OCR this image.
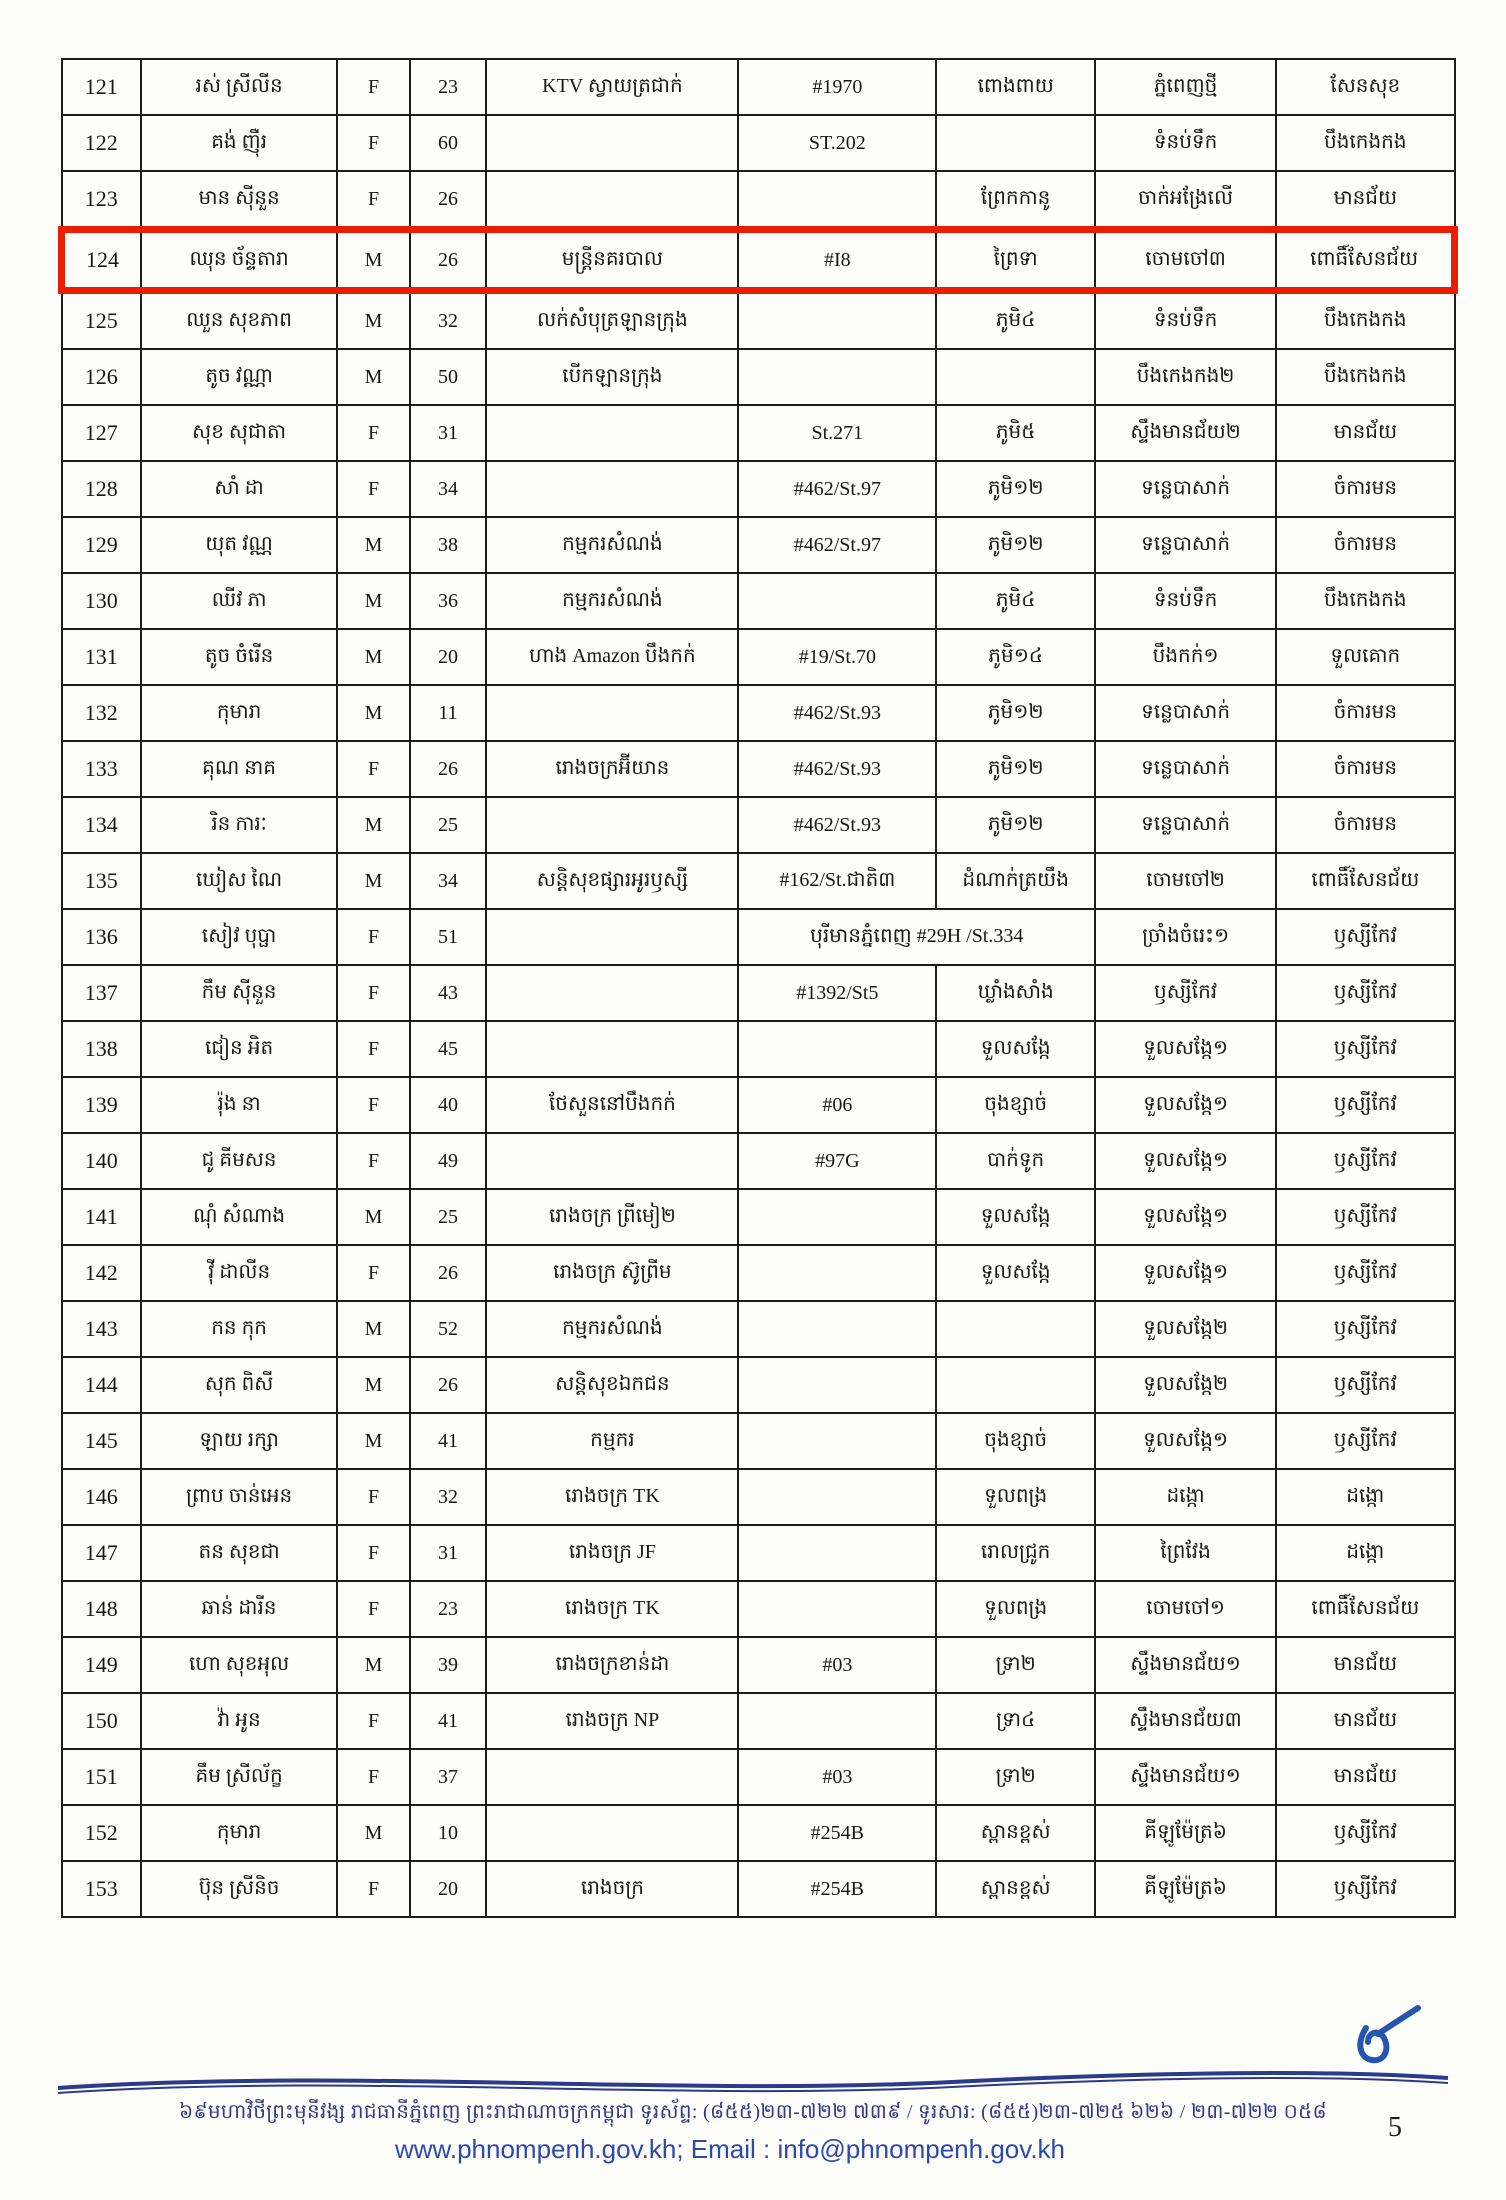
121	រស់ ស្រីលីន	F	23	KTV ស្វាយត្រជាក់	#1970	ពោងពាយ	ភ្នំពេញថ្មី	សែនសុខ
122	គង់ ញ៉ឺរ	F	60		ST.202		ទំនប់ទឹក	បឹងកេងកង
123	មាន ស៊ីនួន	F	26			ព្រែកកានូ	ចាក់អង្រែលើ	មានជ័យ
124	ឈុន ច័ន្ទតារា	M	26	មន្ត្រីនគរបាល	#I8	ព្រៃទា	ចោមចៅ៣	ពោធិ៍សែនជ័យ
125	ឈួន សុខភាព	M	32	លក់សំបុត្រឡានក្រុង		ភូមិ៤	ទំនប់ទឹក	បឹងកេងកង
126	តូច វណ្ណា	M	50	បើកឡានក្រុង			បឹងកេងកង២	បឹងកេងកង
127	សុខ សុជាតា	F	31		St.271	ភូមិ៥	ស្ទឹងមានជ័យ២	មានជ័យ
128	សាំ ដា	F	34		#462/St.97	ភូមិ១២	ទន្លេបាសាក់	ចំការមន
129	យុត វណ្ណ	M	38	កម្មករសំណង់	#462/St.97	ភូមិ១២	ទន្លេបាសាក់	ចំការមន
130	ឈីវ ភា	M	36	កម្មករសំណង់		ភូមិ៤	ទំនប់ទឹក	បឹងកេងកង
131	តូច ចំរើន	M	20	ហាង Amazon បឹងកក់	#19/St.70	ភូមិ១៤	បឹងកក់១	ទួលគោក
132	កុមារា	M	11		#462/St.93	ភូមិ១២	ទន្លេបាសាក់	ចំការមន
133	គុណ នាគ	F	26	រោងចក្រអ៊ីយាន	#462/St.93	ភូមិ១២	ទន្លេបាសាក់	ចំការមន
134	រិន ការៈ	M	25		#462/St.93	ភូមិ១២	ទន្លេបាសាក់	ចំការមន
135	ឃៀស ណៃ	M	34	សន្តិសុខផ្សារអូរឫស្សី	#162/St.ជាតិ៣	ដំណាក់ត្រយឹង	ចោមចៅ២	ពោធិ៍សែនជ័យ
136	សៀវ បុប្ផា	F	51		បុរីមានភ្នំពេញ #29H /St.334		ច្រាំងចំរេះ១	ឫស្សីកែវ
137	កឹម ស៊ីនួន	F	43		#1392/St5	ឃ្លាំងសាំង	ឫស្សីកែវ	ឫស្សីកែវ
138	ជៀន អិត	F	45			ទួលសង្កែ	ទួលសង្កែ១	ឫស្សីកែវ
139	រ៉ុង នា	F	40	ថែសួននៅបឹងកក់	#06	ចុងខ្សាច់	ទួលសង្កែ១	ឫស្សីកែវ
140	ជូ គីមសន	F	49		#97G	បាក់ទូក	ទួលសង្កែ១	ឫស្សីកែវ
141	ណុំ សំណាង	M	25	រោងចក្រ ព្រីមៀ២		ទួលសង្កែ	ទួលសង្កែ១	ឫស្សីកែវ
142	វ៉ី ដាលីន	F	26	រោងចក្រ ស៊ូព្រីម		ទួលសង្កែ	ទួលសង្កែ១	ឫស្សីកែវ
143	កន កុក	M	52	កម្មករសំណង់			ទួលសង្កែ២	ឫស្សីកែវ
144	សុក ពិសី	M	26	សន្តិសុខឯកជន			ទួលសង្កែ២	ឫស្សីកែវ
145	ឡាយ រក្សា	M	41	កម្មករ		ចុងខ្សាច់	ទួលសង្កែ១	ឫស្សីកែវ
146	ព្រាប ចាន់អេន	F	32	រោងចក្រ TK		ទួលពង្រ	ដង្កោ	ដង្កោ
147	តន សុខជា	F	31	រោងចក្រ JF		រោលជ្រូក	ព្រៃវែង	ដង្កោ
148	ឆាន់ ដារីន	F	23	រោងចក្រ TK		ទួលពង្រ	ចោមចៅ១	ពោធិ៍សែនជ័យ
149	ហោ សុខអុល	M	39	រោងចក្រខាន់ដា	#03	ទ្រា២	ស្ទឹងមានជ័យ១	មានជ័យ
150	វ៉ា អូន	F	41	រោងចក្រ NP		ទ្រា៤	ស្ទឹងមានជ័យ៣	មានជ័យ
151	គឹម ស្រីល័ក្ខ	F	37		#03	ទ្រា២	ស្ទឹងមានជ័យ១	មានជ័យ
152	កុមារា	M	10		#254B	ស្ពានខ្ពស់	គីឡូម៉ែត្រ៦	ឫស្សីកែវ
153	ប៊ុន ស្រីនិច	F	20	រោងចក្រ	#254B	ស្ពានខ្ពស់	គីឡូម៉ែត្រ៦	ឫស្សីកែវ
៦៩មហាវិថីព្រះមុនីវង្ស រាជធានីភ្នំពេញ ព្រះរាជាណាចក្រកម្ពុជា ទូរស័ព្ទ: (៨៥៥)២៣-៧២២ ៧៣៩ / ទូរសារ: (៨៥៥)២៣-៧២៥ ៦២៦ / ២៣-៧២២ ០៥៨
www.phnompenh.gov.kh; Email : info@phnompenh.gov.kh
5
